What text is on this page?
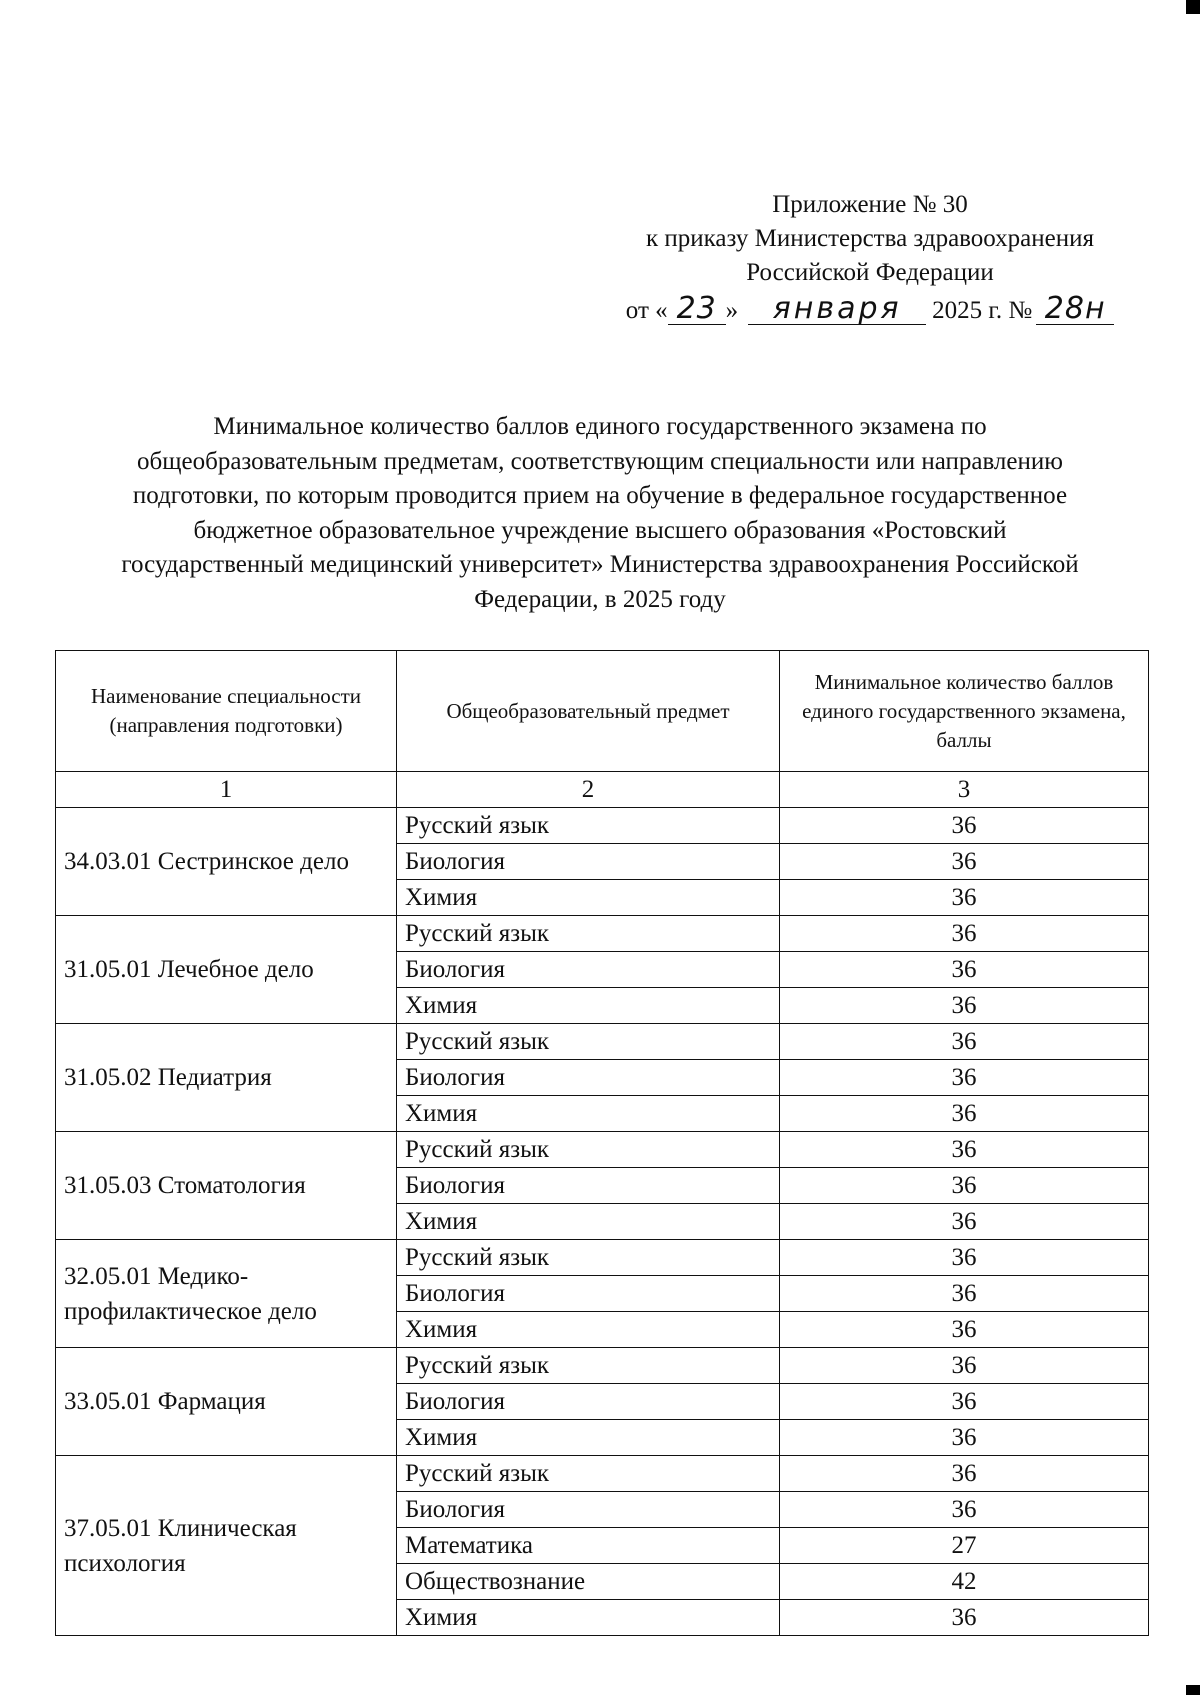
Приложение № 30
к приказу Министерства здравоохранения
Российской Федерации
от « 23 » января 2025 г. № 28н
Минимальное количество баллов единого государственного экзамена по
общеобразовательным предметам, соответствующим специальности или направлению
подготовки, по которым проводится прием на обучение в федеральное государственное
бюджетное образовательное учреждение высшего образования «Ростовский
государственный медицинский университет» Министерства здравоохранения Российской
Федерации, в 2025 году
Наименование специальности (направления подготовки)	Общеобразовательный предмет	Минимальное количество баллов единого государственного экзамена, баллы
1	2	3
34.03.01 Сестринское дело	Русский язык	36
	Биология	36
	Химия	36
31.05.01 Лечебное дело	Русский язык	36
	Биология	36
	Химия	36
31.05.02 Педиатрия	Русский язык	36
	Биология	36
	Химия	36
31.05.03 Стоматология	Русский язык	36
	Биология	36
	Химия	36
32.05.01 Медико-профилактическое дело	Русский язык	36
	Биология	36
	Химия	36
33.05.01 Фармация	Русский язык	36
	Биология	36
	Химия	36
37.05.01 Клиническая психология	Русский язык	36
	Биология	36
	Математика	27
	Обществознание	42
	Химия	36
